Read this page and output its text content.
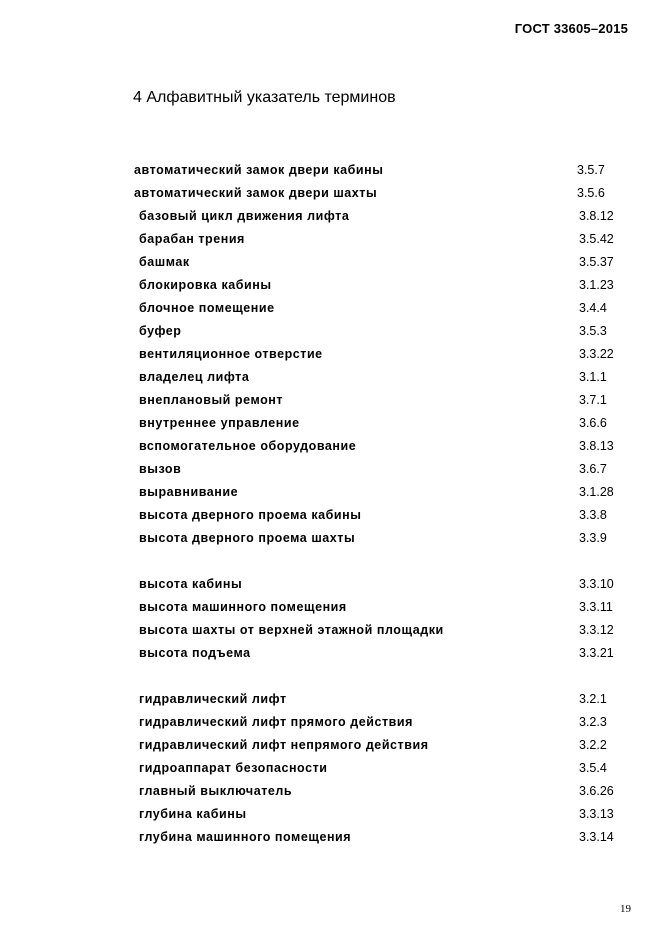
ГОСТ 33605–2015
4 Алфавитный указатель терминов
автоматический замок двери кабины	3.5.7
автоматический замок двери шахты	3.5.6
базовый цикл движения лифта	3.8.12
барабан трения	3.5.42
башмак	3.5.37
блокировка кабины	3.1.23
блочное помещение	3.4.4
буфер	3.5.3
вентиляционное отверстие	3.3.22
владелец лифта	3.1.1
внеплановый ремонт	3.7.1
внутреннее управление	3.6.6
вспомогательное оборудование	3.8.13
вызов	3.6.7
выравнивание	3.1.28
высота дверного проема кабины	3.3.8
высота дверного проема шахты	3.3.9
высота кабины	3.3.10
высота машинного помещения	3.3.11
высота шахты от верхней этажной площадки	3.3.12
высота подъема	3.3.21
гидравлический лифт	3.2.1
гидравлический лифт прямого действия	3.2.3
гидравлический лифт непрямого действия	3.2.2
гидроаппарат безопасности	3.5.4
главный выключатель	3.6.26
глубина кабины	3.3.13
глубина машинного помещения	3.3.14
19
